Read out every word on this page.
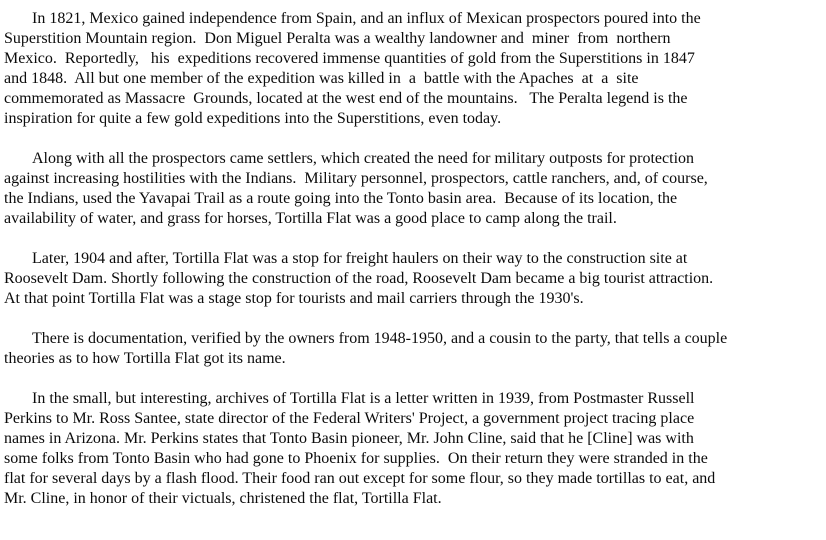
In 1821, Mexico gained independence from Spain, and an influx of Mexican prospectors poured into the
Superstition Mountain region.  Don Miguel Peralta was a wealthy landowner and  miner  from  northern
Mexico.  Reportedly,   his  expeditions recovered immense quantities of gold from the Superstitions in 1847
and 1848.  All but one member of the expedition was killed in  a  battle with the Apaches  at  a  site
commemorated as Massacre  Grounds, located at the west end of the mountains.   The Peralta legend is the
inspiration for quite a few gold expeditions into the Superstitions, even today.

Along with all the prospectors came settlers, which created the need for military outposts for protection
against increasing hostilities with the Indians.  Military personnel, prospectors, cattle ranchers, and, of course,
the Indians, used the Yavapai Trail as a route going into the Tonto basin area.  Because of its location, the
availability of water, and grass for horses, Tortilla Flat was a good place to camp along the trail.

Later, 1904 and after, Tortilla Flat was a stop for freight haulers on their way to the construction site at
Roosevelt Dam. Shortly following the construction of the road, Roosevelt Dam became a big tourist attraction.
At that point Tortilla Flat was a stage stop for tourists and mail carriers through the 1930's.

There is documentation, verified by the owners from 1948-1950, and a cousin to the party, that tells a couple
theories as to how Tortilla Flat got its name.

In the small, but interesting, archives of Tortilla Flat is a letter written in 1939, from Postmaster Russell
Perkins to Mr. Ross Santee, state director of the Federal Writers' Project, a government project tracing place
names in Arizona. Mr. Perkins states that Tonto Basin pioneer, Mr. John Cline, said that he [Cline] was with
some folks from Tonto Basin who had gone to Phoenix for supplies.  On their return they were stranded in the
flat for several days by a flash flood. Their food ran out except for some flour, so they made tortillas to eat, and
Mr. Cline, in honor of their victuals, christened the flat, Tortilla Flat.
